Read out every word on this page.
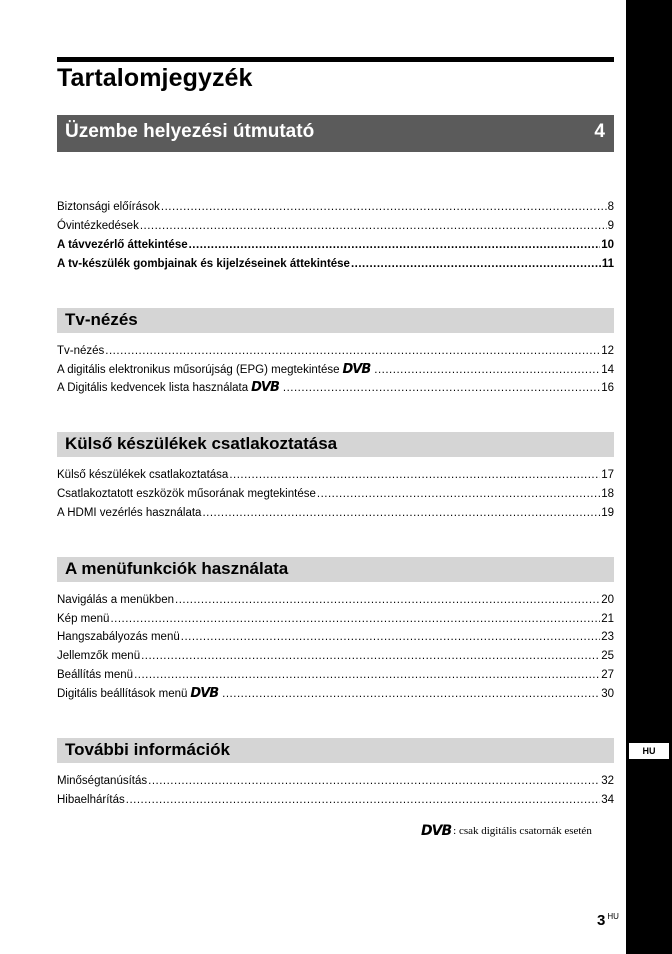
HU
Tartalomjegyzék
Üzembe helyezési útmutató	4
Biztonsági előírások .....	8
Óvintézkedések .....	9
A távvezérlő áttekintése .....	10
A tv-készülék gombjainak és kijelzéseinek áttekintése .....	11
Tv-nézés
Tv-nézés .....	12
A digitális elektronikus műsorújság (EPG) megtekintése DVB .....	14
A Digitális kedvencek lista használata DVB .....	16
Külső készülékek csatlakoztatása
Külső készülékek csatlakoztatása .....	17
Csatlakoztatott eszközök műsorának megtekintése .....	18
A HDMI vezérlés használata .....	19
A menüfunkciók használata
Navigálás a menükben .....	20
Kép menü .....	21
Hangszabályozás menü .....	23
Jellemzők menü .....	25
Beállítás menü .....	27
Digitális beállítások menü DVB .....	30
További információk
Minőségtanúsítás .....	32
Hibaelhárítás .....	34
DVB : csak digitális csatornák esetén
3 $^{HU}$
